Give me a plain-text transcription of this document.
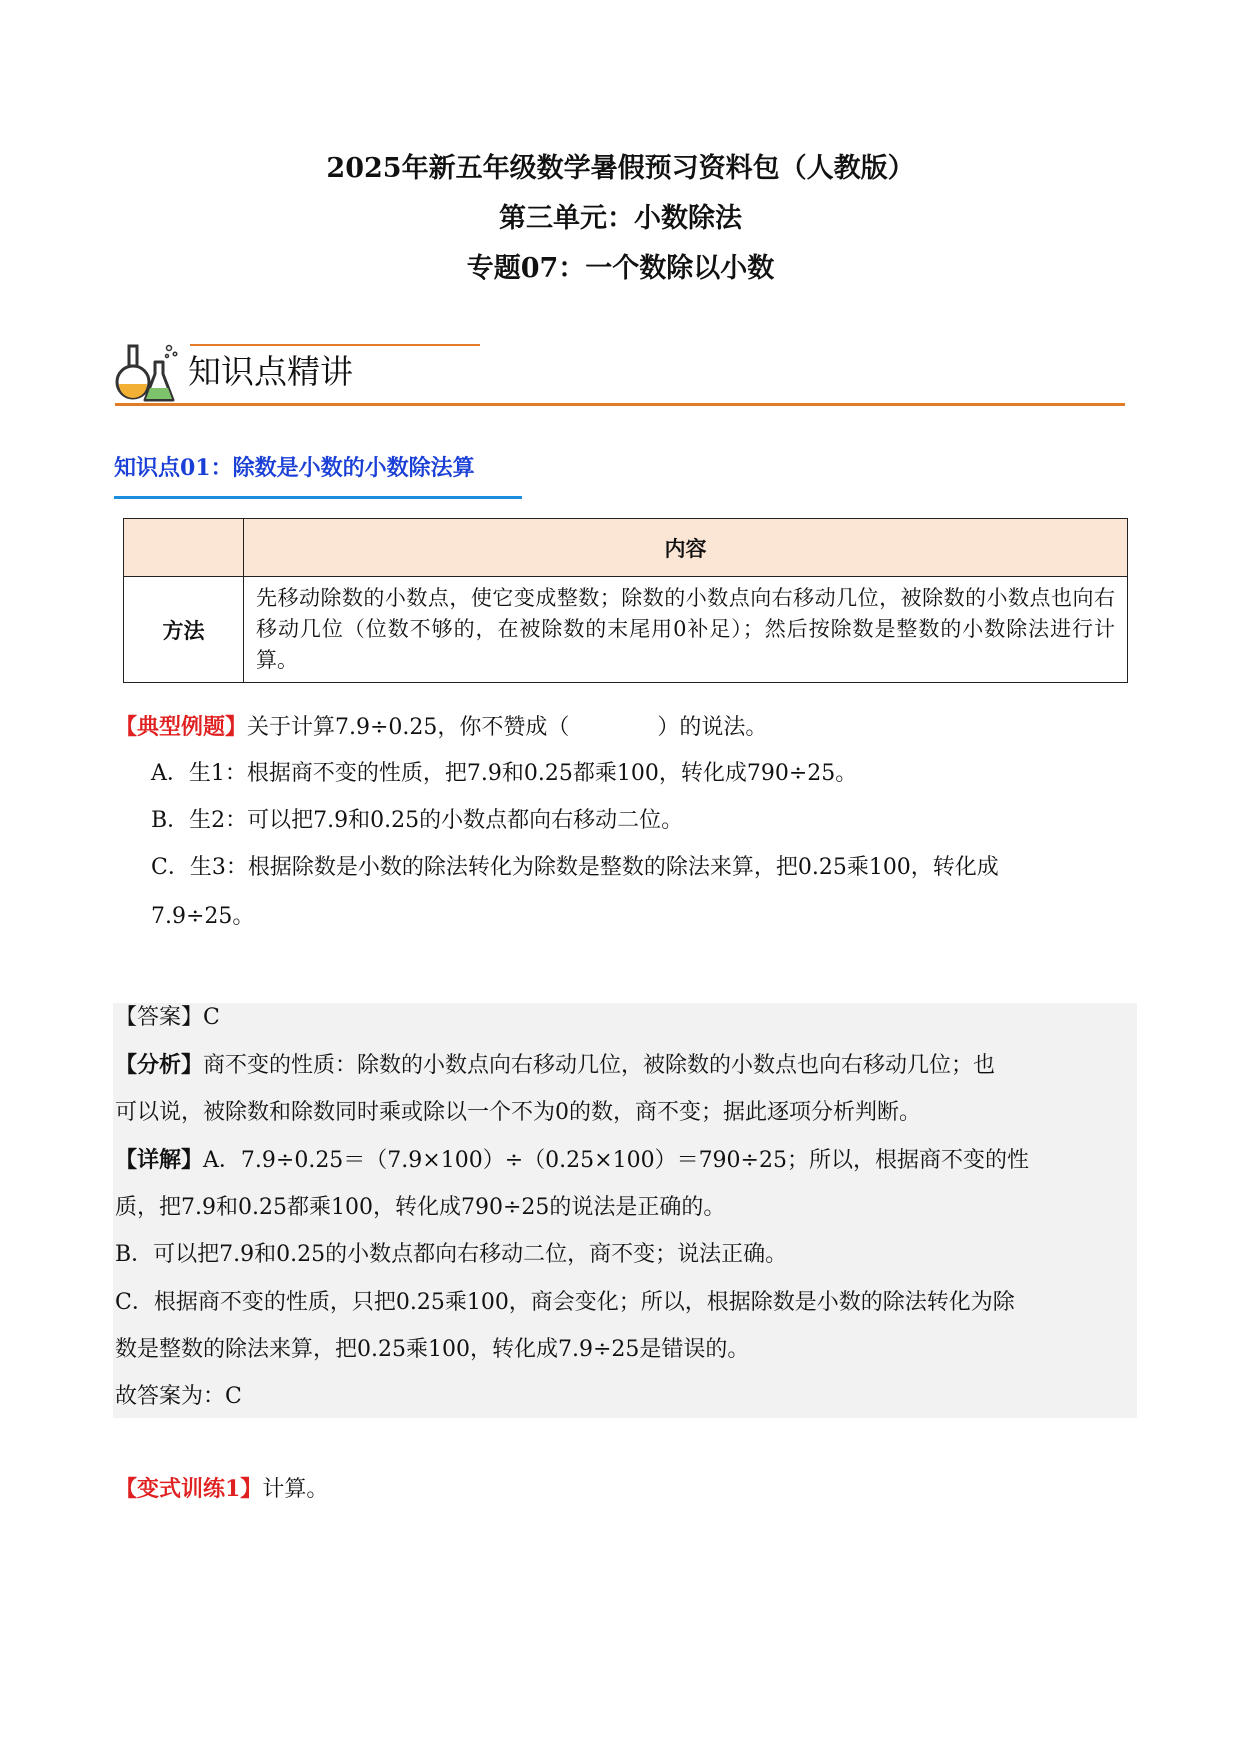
2025年新五年级数学暑假预习资料包（人教版）
第三单元：小数除法
专题07：一个数除以小数
知识点精讲
知识点01：除数是小数的小数除法算
	内容
方法	先移动除数的小数点，使它变成整数；除数的小数点向右移动几位，被除数的小数点也向右移动几位（位数不够的，在被除数的末尾用0补足）；然后按除数是整数的小数除法进行计算。
【典型例题】关于计算7.9÷0.25，你不赞成（　　　　）的说法。
A．生1：根据商不变的性质，把7.9和0.25都乘100，转化成790÷25。
B．生2：可以把7.9和0.25的小数点都向右移动二位。
C．生3：根据除数是小数的除法转化为除数是整数的除法来算，把0.25乘100，转化成
7.9÷25。
【答案】C
【分析】商不变的性质：除数的小数点向右移动几位，被除数的小数点也向右移动几位；也
可以说，被除数和除数同时乘或除以一个不为0的数，商不变；据此逐项分析判断。
【详解】A．7.9÷0.25＝（7.9×100）÷（0.25×100）＝790÷25；所以，根据商不变的性
质，把7.9和0.25都乘100，转化成790÷25的说法是正确的。
B．可以把7.9和0.25的小数点都向右移动二位，商不变；说法正确。
C．根据商不变的性质，只把0.25乘100，商会变化；所以，根据除数是小数的除法转化为除
数是整数的除法来算，把0.25乘100，转化成7.9÷25是错误的。
故答案为：C
【变式训练1】计算。
